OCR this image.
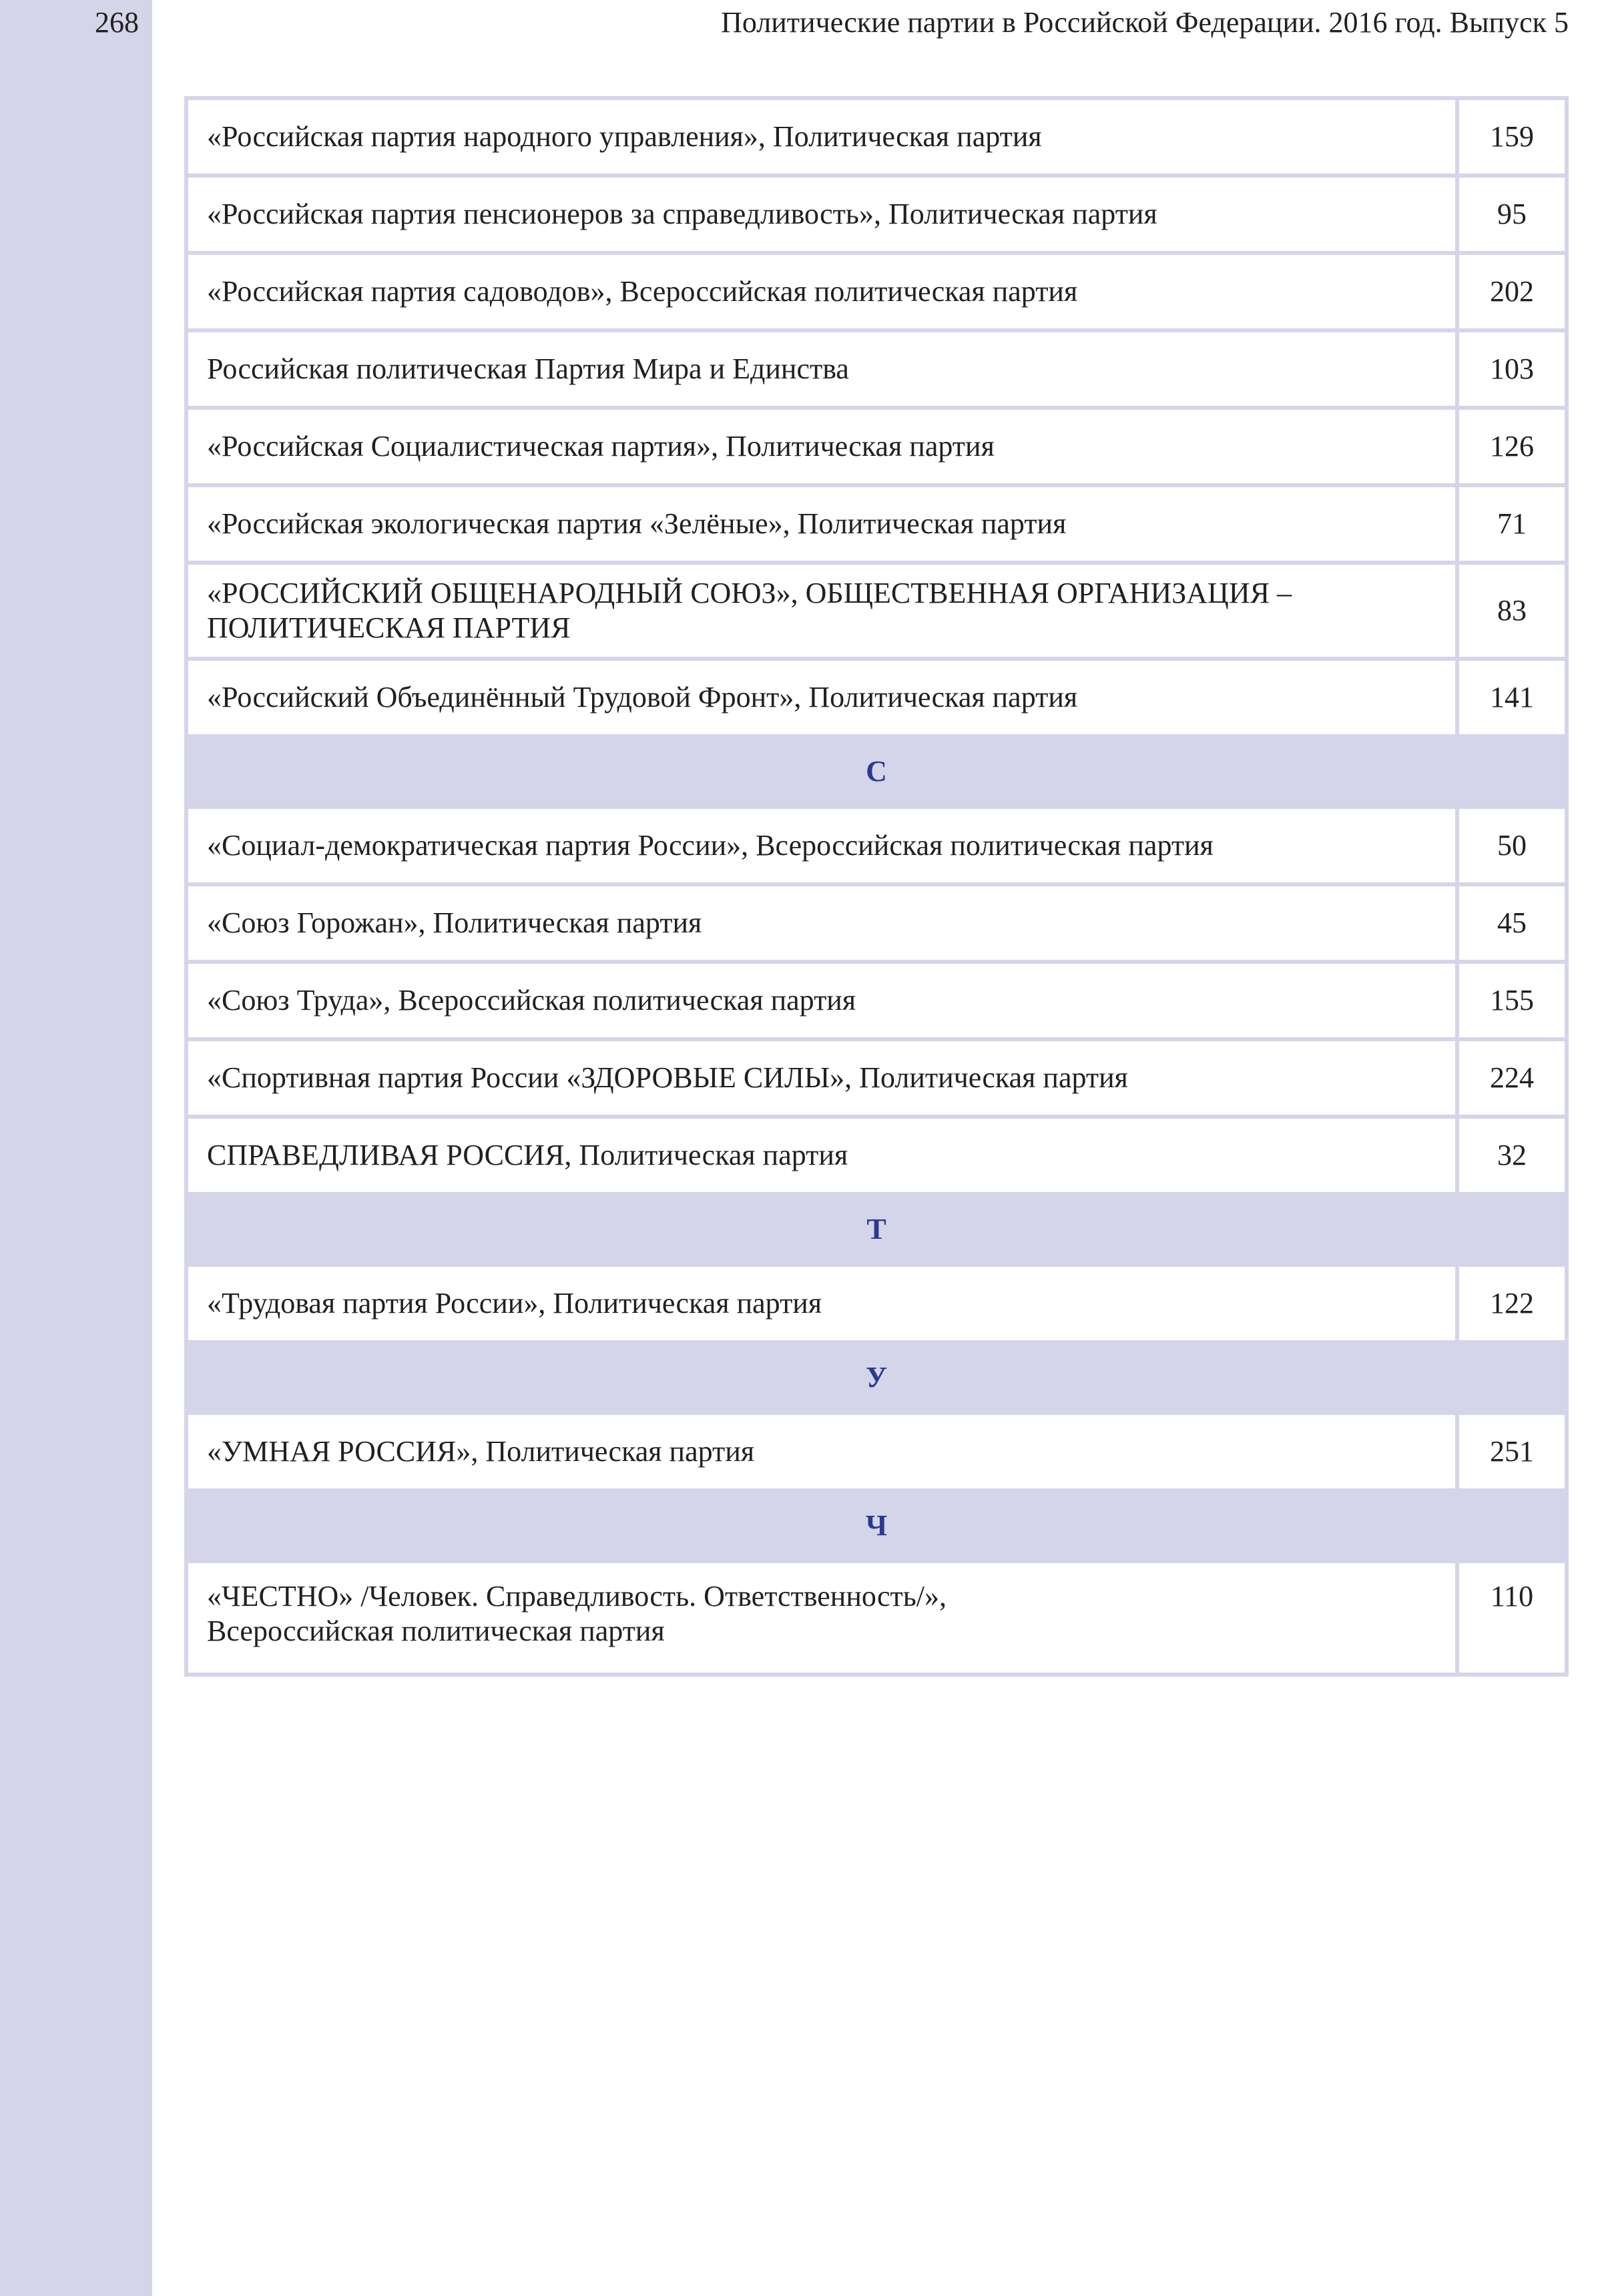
268	Политические партии в Российской Федерации. 2016 год. Выпуск 5
«Российская партия народного управления», Политическая партия	159
«Российская партия пенсионеров за справедливость», Политическая партия	95
«Российская партия садоводов», Всероссийская политическая партия	202
Российская политическая Партия Мира и Единства	103
«Российская Социалистическая партия», Политическая партия	126
«Российская экологическая партия «Зелёные», Политическая партия	71
«РОССИЙСКИЙ ОБЩЕНАРОДНЫЙ СОЮЗ», ОБЩЕСТВЕННАЯ ОРГАНИЗАЦИЯ –
ПОЛИТИЧЕСКАЯ ПАРТИЯ	83
«Российский Объединённый Трудовой Фронт», Политическая партия	141
С	
«Социал-демократическая партия России», Всероссийская политическая партия	50
«Союз Горожан», Политическая партия	45
«Союз Труда», Всероссийская политическая партия	155
«Спортивная партия России «ЗДОРОВЫЕ СИЛЫ», Политическая партия	224
СПРАВЕДЛИВАЯ РОССИЯ, Политическая партия	32
Т	
«Трудовая партия России», Политическая партия	122
У	
«УМНАЯ РОССИЯ», Политическая партия	251
Ч	
«ЧЕСТНО» /Человек. Справедливость. Ответственность/»,
Всероссийская политическая партия	110
